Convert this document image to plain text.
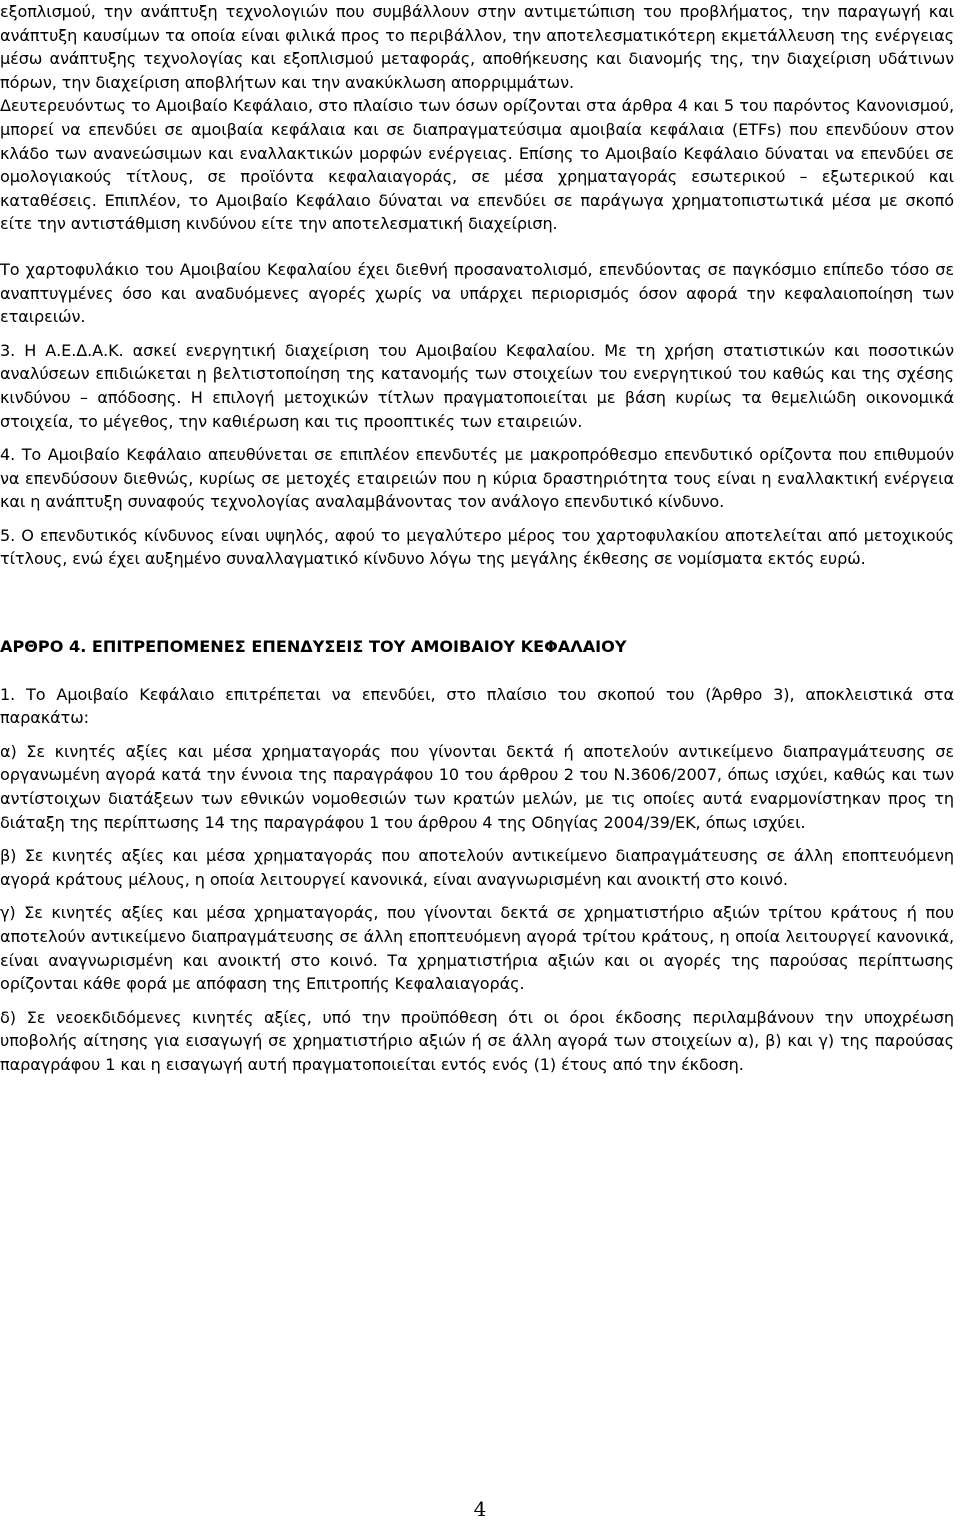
εξοπλισμού, την ανάπτυξη τεχνολογιών που συμβάλλουν στην αντιμετώπιση του προβλήματος, την παραγωγή και ανάπτυξη καυσίμων τα οποία είναι φιλικά προς το περιβάλλον, την αποτελεσματικότερη εκμετάλλευση της ενέργειας μέσω ανάπτυξης τεχνολογίας και εξοπλισμού μεταφοράς, αποθήκευσης και διανομής της, την διαχείριση υδάτινων πόρων, την διαχείριση αποβλήτων και την ανακύκλωση απορριμμάτων.

Δευτερευόντως το Αμοιβαίο Κεφάλαιο, στο πλαίσιο των όσων ορίζονται στα άρθρα 4 και 5 του παρόντος Κανονισμού, μπορεί να επενδύει σε αμοιβαία κεφάλαια και σε διαπραγματεύσιμα αμοιβαία κεφάλαια (ETFs) που επενδύουν στον κλάδο των ανανεώσιμων και εναλλακτικών μορφών ενέργειας. Επίσης το Αμοιβαίο Κεφάλαιο δύναται να επενδύει σε ομολογιακούς τίτλους, σε προϊόντα κεφαλαιαγοράς, σε μέσα χρηματαγοράς εσωτερικού – εξωτερικού και καταθέσεις. Επιπλέον, το Αμοιβαίο Κεφάλαιο δύναται να επενδύει σε παράγωγα χρηματοπιστωτικά μέσα με σκοπό είτε την αντιστάθμιση κινδύνου είτε την αποτελεσματική διαχείριση.

Το χαρτοφυλάκιο του Αμοιβαίου Κεφαλαίου έχει διεθνή προσανατολισμό, επενδύοντας σε παγκόσμιο επίπεδο τόσο σε αναπτυγμένες όσο και αναδυόμενες αγορές χωρίς να υπάρχει περιορισμός όσον αφορά την κεφαλαιοποίηση των εταιρειών.

3. Η Α.Ε.Δ.Α.Κ. ασκεί ενεργητική διαχείριση του Αμοιβαίου Κεφαλαίου. Με τη χρήση στατιστικών και ποσοτικών αναλύσεων επιδιώκεται η βελτιστοποίηση της κατανομής των στοιχείων του ενεργητικού του καθώς και της σχέσης κινδύνου – απόδοσης. Η επιλογή μετοχικών τίτλων πραγματοποιείται με βάση κυρίως τα θεμελιώδη οικονομικά στοιχεία, το μέγεθος, την καθιέρωση και τις προοπτικές των εταιρειών.

4. Το Αμοιβαίο Κεφάλαιο απευθύνεται σε επιπλέον επενδυτές με μακροπρόθεσμο επενδυτικό ορίζοντα που επιθυμούν να επενδύσουν διεθνώς, κυρίως σε μετοχές εταιρειών που η κύρια δραστηριότητα τους είναι η εναλλακτική ενέργεια και η ανάπτυξη συναφούς τεχνολογίας αναλαμβάνοντας τον ανάλογο επενδυτικό κίνδυνο.

5. Ο επενδυτικός κίνδυνος είναι υψηλός, αφού το μεγαλύτερο μέρος του χαρτοφυλακίου αποτελείται από μετοχικούς τίτλους, ενώ έχει αυξημένο συναλλαγματικό κίνδυνο λόγω της μεγάλης έκθεσης σε νομίσματα εκτός ευρώ.

ΑΡΘΡΟ 4. ΕΠΙΤΡΕΠΟΜΕΝΕΣ ΕΠΕΝΔΥΣΕΙΣ ΤΟΥ ΑΜΟΙΒΑΙΟΥ ΚΕΦΑΛΑΙΟΥ

1. Το Αμοιβαίο Κεφάλαιο επιτρέπεται να επενδύει, στο πλαίσιο του σκοπού του (Άρθρο 3), αποκλειστικά στα παρακάτω:

α) Σε κινητές αξίες και μέσα χρηματαγοράς που γίνονται δεκτά ή αποτελούν αντικείμενο διαπραγμάτευσης σε οργανωμένη αγορά κατά την έννοια της παραγράφου 10 του άρθρου 2 του Ν.3606/2007, όπως ισχύει, καθώς και των αντίστοιχων διατάξεων των εθνικών νομοθεσιών των κρατών μελών, με τις οποίες αυτά εναρμονίστηκαν προς τη διάταξη της περίπτωσης 14 της παραγράφου 1 του άρθρου 4 της Οδηγίας 2004/39/ΕΚ, όπως ισχύει.

β) Σε κινητές αξίες και μέσα χρηματαγοράς που αποτελούν αντικείμενο διαπραγμάτευσης σε άλλη εποπτευόμενη αγορά κράτους μέλους, η οποία λειτουργεί κανονικά, είναι αναγνωρισμένη και ανοικτή στο κοινό.

γ) Σε κινητές αξίες και μέσα χρηματαγοράς, που γίνονται δεκτά σε χρηματιστήριο αξιών τρίτου κράτους ή που αποτελούν αντικείμενο διαπραγμάτευσης σε άλλη εποπτευόμενη αγορά τρίτου κράτους, η οποία λειτουργεί κανονικά, είναι αναγνωρισμένη και ανοικτή στο κοινό. Τα χρηματιστήρια αξιών και οι αγορές της παρούσας περίπτωσης ορίζονται κάθε φορά με απόφαση της Επιτροπής Κεφαλαιαγοράς.

δ) Σε νεοεκδιδόμενες κινητές αξίες, υπό την προϋπόθεση ότι οι όροι έκδοσης περιλαμβάνουν την υποχρέωση υποβολής αίτησης για εισαγωγή σε χρηματιστήριο αξιών ή σε άλλη αγορά των στοιχείων α), β) και γ) της παρούσας παραγράφου 1 και η εισαγωγή αυτή πραγματοποιείται εντός ενός (1) έτους από την έκδοση.

4
